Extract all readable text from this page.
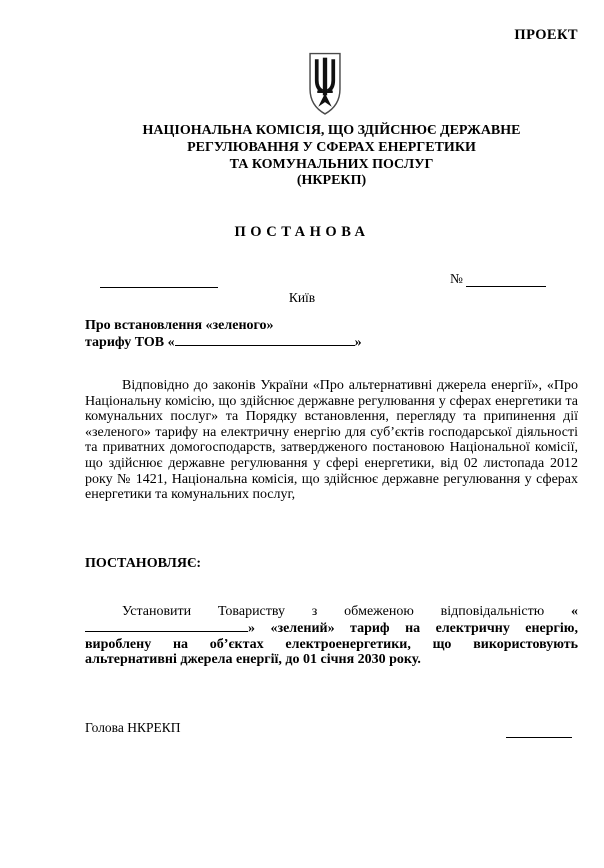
ПРОЕКТ
НАЦІОНАЛЬНА КОМІСІЯ, ЩО ЗДІЙСНЮЄ ДЕРЖАВНЕ
РЕГУЛЮВАННЯ У СФЕРАХ ЕНЕРГЕТИКИ
ТА КОМУНАЛЬНИХ ПОСЛУГ
(НКРЕКП)
ПОСТАНОВА
№
Київ
Про встановлення «зеленого»
тарифу ТОВ «	»

Відповідно до законів України «Про альтернативні джерела енергії», «Про Національну комісію, що здійснює державне регулювання у сферах енергетики та комунальних послуг» та Порядку встановлення, перегляду та припинення дії «зеленого» тарифу на електричну енергію для суб’єктів господарської діяльності та приватних домогосподарств, затвердженого постановою Національної комісії, що здійснює державне регулювання у сфері енергетики, від 02 листопада 2012 року № 1421, Національна комісія, що здійснює державне регулювання у сферах енергетики та комунальних послуг,

ПОСТАНОВЛЯЄ:

Установити Товариству з обмеженою відповідальністю «» «зелений» тариф на електричну енергію, вироблену на об’єктах електроенергетики, що використовують альтернативні джерела енергії, до 01 січня 2030 року.

Голова НКРЕКП
